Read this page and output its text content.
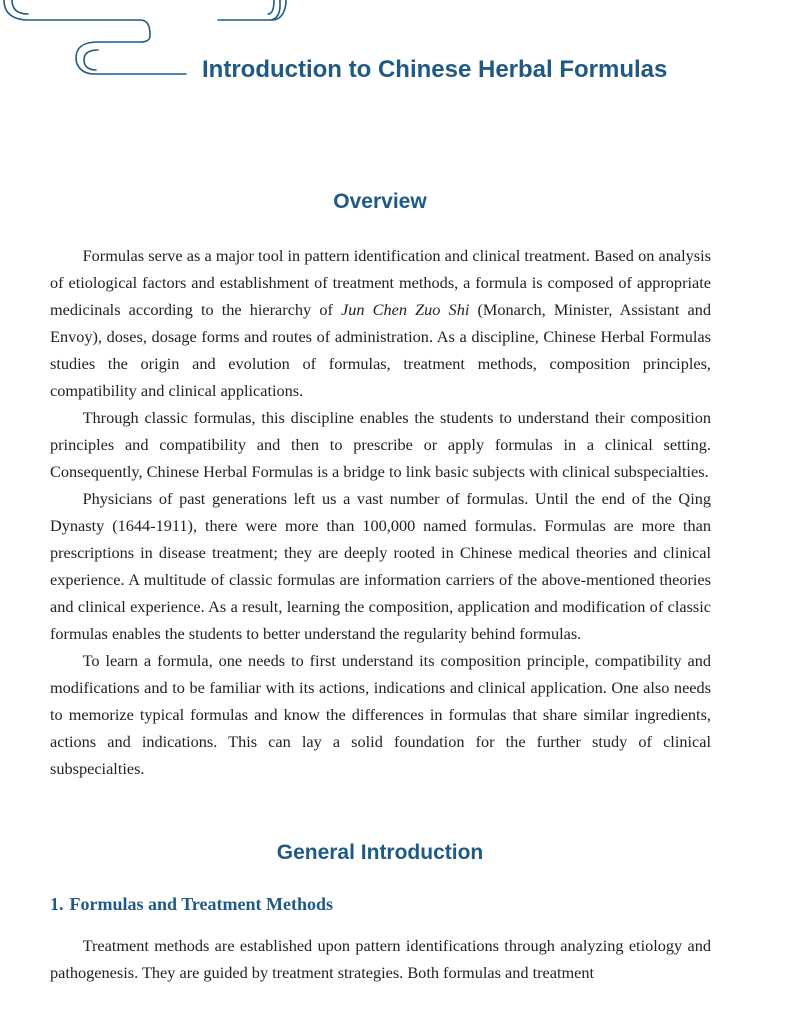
Introduction to Chinese Herbal Formulas
Overview

Formulas serve as a major tool in pattern identification and clinical treatment. Based on analysis of etiological factors and establishment of treatment methods, a formula is composed of appropriate medicinals according to the hierarchy of Jun Chen Zuo Shi (Monarch, Minister, Assistant and Envoy), doses, dosage forms and routes of administration. As a discipline, Chinese Herbal Formulas studies the origin and evolution of formulas, treatment methods, composition principles, compatibility and clinical applications.

Through classic formulas, this discipline enables the students to understand their composition principles and compatibility and then to prescribe or apply formulas in a clinical setting. Consequently, Chinese Herbal Formulas is a bridge to link basic subjects with clinical subspecialties.

Physicians of past generations left us a vast number of formulas. Until the end of the Qing Dynasty (1644-1911), there were more than 100,000 named formulas. Formulas are more than prescriptions in disease treatment; they are deeply rooted in Chinese medical theories and clinical experience. A multitude of classic formulas are information carriers of the above-mentioned theories and clinical experience. As a result, learning the composition, application and modification of classic formulas enables the students to better understand the regularity behind formulas.

To learn a formula, one needs to first understand its composition principle, compatibility and modifications and to be familiar with its actions, indications and clinical application. One also needs to memorize typical formulas and know the differences in formulas that share similar ingredients, actions and indications. This can lay a solid foundation for the further study of clinical subspecialties.

General Introduction
1. Formulas and Treatment Methods

Treatment methods are established upon pattern identifications through analyzing etiology and pathogenesis. They are guided by treatment strategies. Both formulas and treatment
